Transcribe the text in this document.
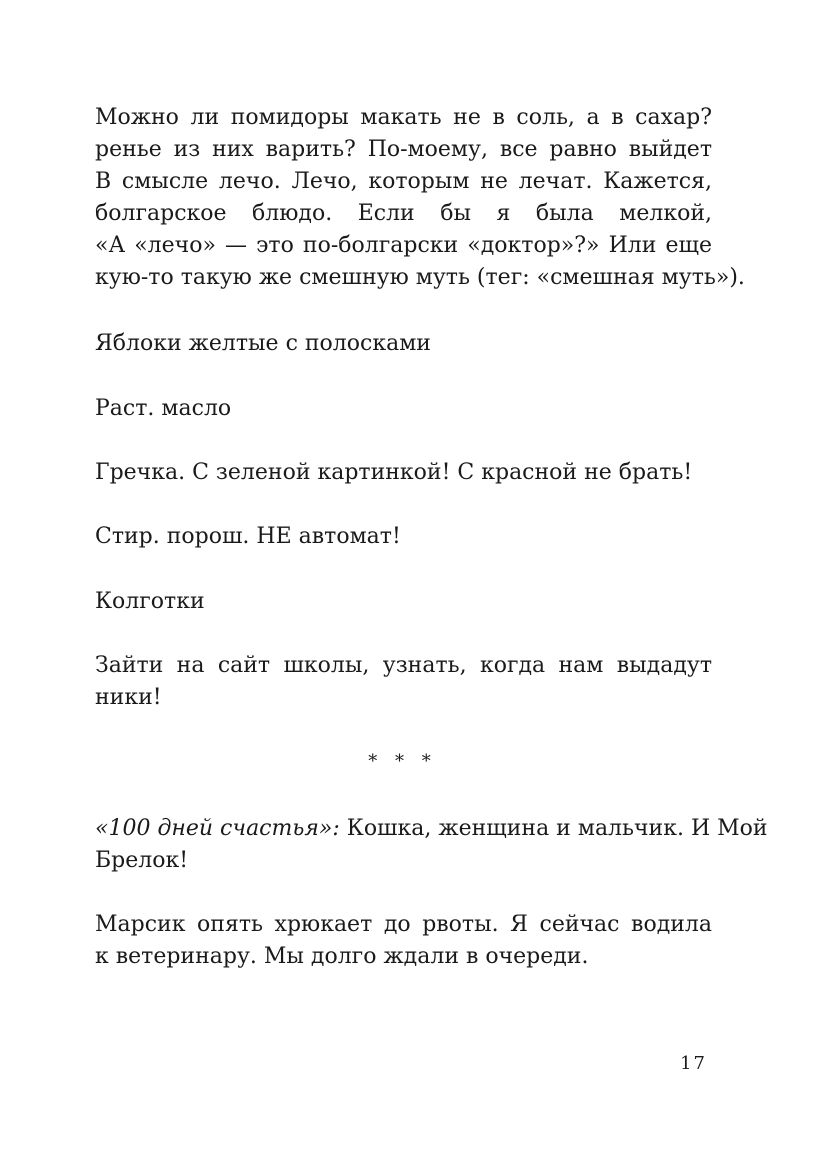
Можно ли помидоры макать не в соль, а в сахар?
ренье из них варить? По-моему, все равно выйдет
В смысле лечо. Лечо, которым не лечат. Кажется,
болгарское блюдо. Если бы я была мелкой,
«А «лечо» — это по-болгарски «доктор»?» Или еще
кую-то такую же смешную муть (тег: «смешная муть»).

Яблоки желтые с полосками

Раст. масло

Гречка. С зеленой картинкой! С красной не брать!

Стир. порош. НЕ автомат!

Колготки

Зайти на сайт школы, узнать, когда нам выдадут
ники!
* * *
«100 дней счастья»: Кошка, женщина и мальчик. И Мой
Брелок!
Марсик опять хрюкает до рвоты. Я сейчас водила
к ветеринару. Мы долго ждали в очереди.
17
